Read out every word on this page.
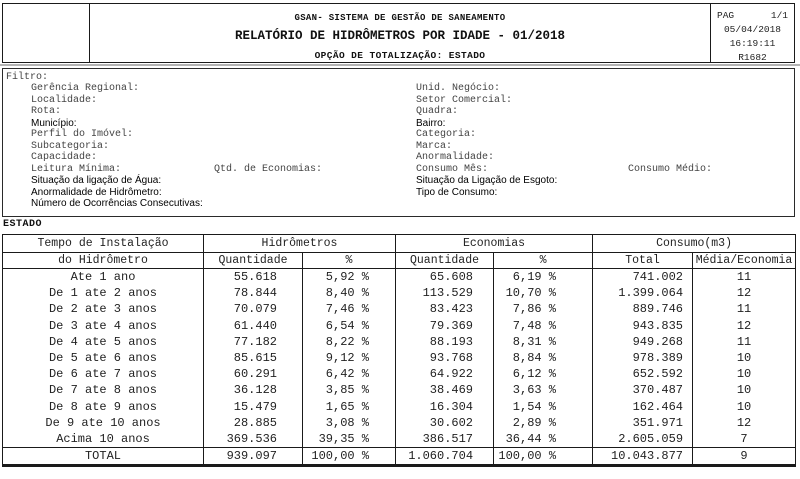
GSAN- SISTEMA DE GESTÃO DE SANEAMENTO
RELATÓRIO DE HIDRÔMETROS POR IDADE - 01/2018
OPÇÃO DE TOTALIZAÇÃO: ESTADO
PAG	1/1
05/04/2018
16:19:11
R1682
Filtro:
Gerência Regional:
Localidade:
Rota:
Município:
Perfil do Imóvel:
Subcategoria:
Capacidade:
Leitura Mínima:
Situação da ligação de Água:
Anormalidade de Hidrômetro:
Número de Ocorrências Consecutivas:
Unid. Negócio:
Setor Comercial:
Quadra:
Bairro:
Categoria:
Marca:
Anormalidade:
Consumo Mês:
Situação da Ligação de Esgoto:
Tipo de Consumo:
Qtd. de Economias:	Consumo Médio:
ESTADO
Tempo de Instalação	Hidrômetros		Economias		Consumo(m3)	
do Hidrômetro	Quantidade	%	Quantidade	%	Total	Média/Economia
Ate 1 ano	55.618	5,92 %	65.608	6,19 %	741.002	11
De 1 ate 2 anos	78.844	8,40 %	113.529	10,70 %	1.399.064	12
De 2 ate 3 anos	70.079	7,46 %	83.423	7,86 %	889.746	11
De 3 ate 4 anos	61.440	6,54 %	79.369	7,48 %	943.835	12
De 4 ate 5 anos	77.182	8,22 %	88.193	8,31 %	949.268	11
De 5 ate 6 anos	85.615	9,12 %	93.768	8,84 %	978.389	10
De 6 ate 7 anos	60.291	6,42 %	64.922	6,12 %	652.592	10
De 7 ate 8 anos	36.128	3,85 %	38.469	3,63 %	370.487	10
De 8 ate 9 anos	15.479	1,65 %	16.304	1,54 %	162.464	10
De 9 ate 10 anos	28.885	3,08 %	30.602	2,89 %	351.971	12
Acima 10 anos	369.536	39,35 %	386.517	36,44 %	2.605.059	7
TOTAL	939.097	100,00 %	1.060.704	100,00 %	10.043.877	9
